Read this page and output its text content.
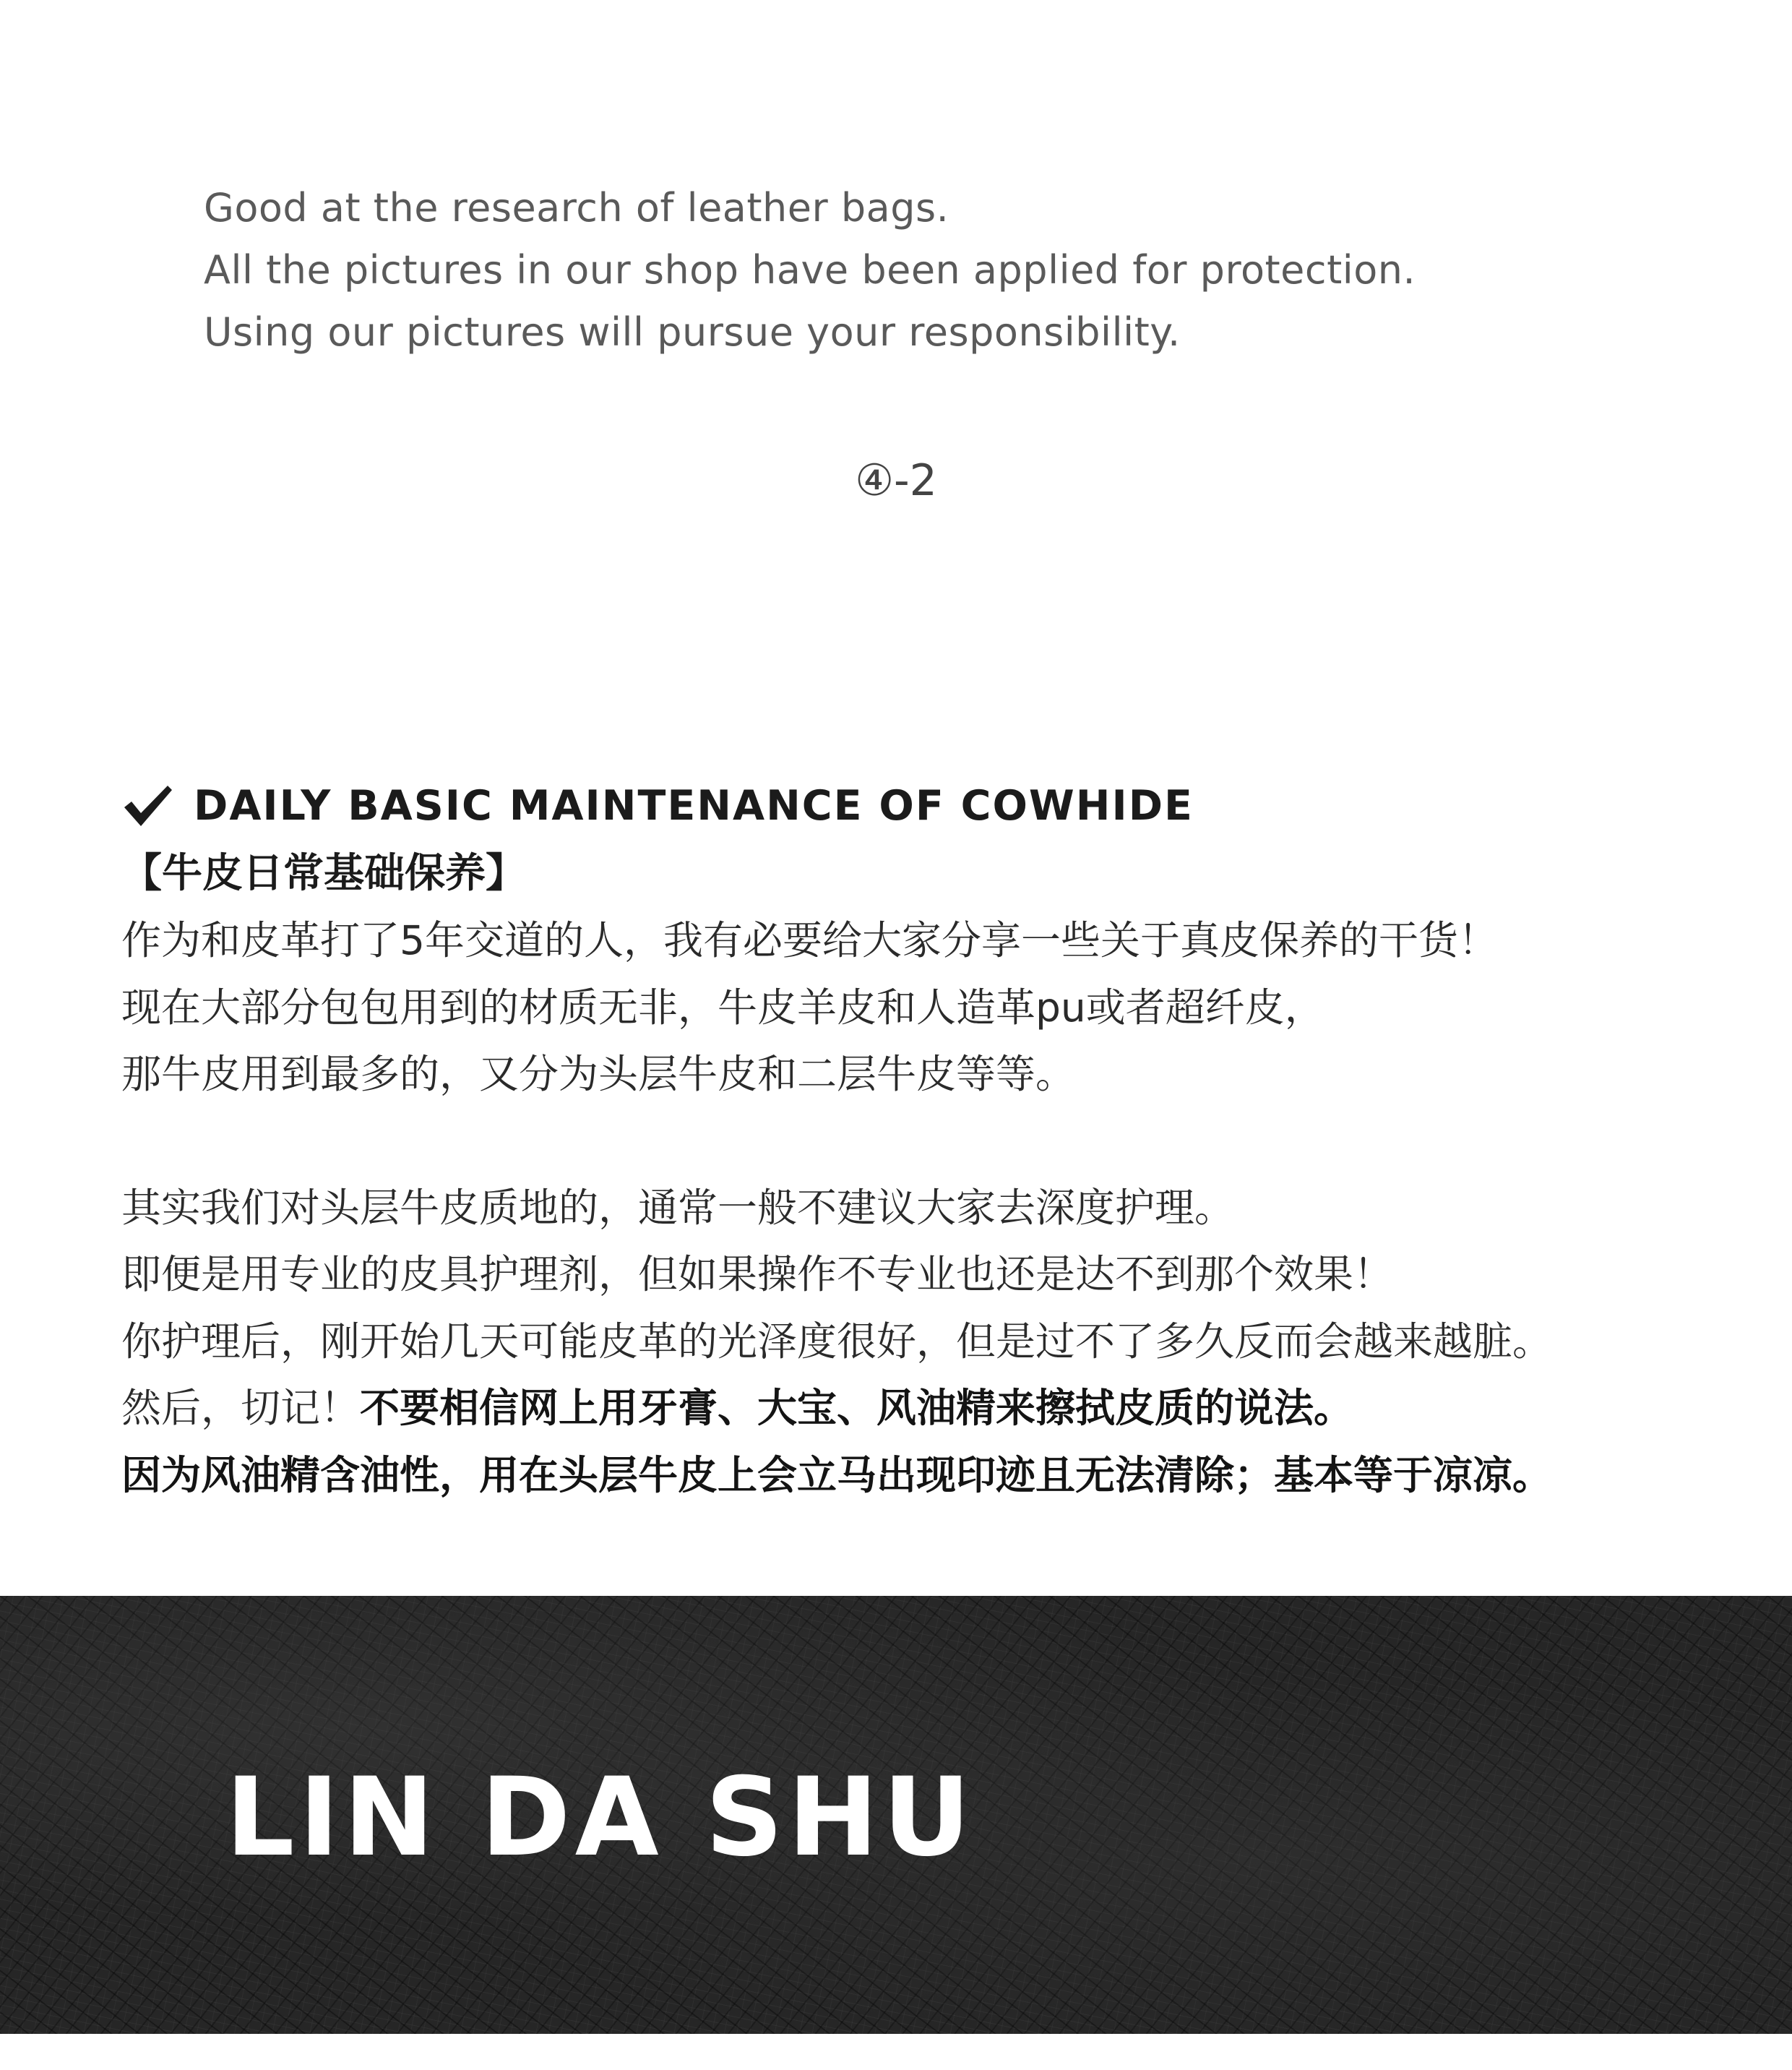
Good at the research of leather bags.
All the pictures in our shop have been applied for protection.
Using our pictures will pursue your responsibility.
④-2
DAILY BASIC MAINTENANCE OF COWHIDE
【牛皮日常基础保养】
作为和皮革打了5年交道的人，我有必要给大家分享一些关于真皮保养的干货！
现在大部分包包用到的材质无非，牛皮羊皮和人造革pu或者超纤皮，
那牛皮用到最多的，又分为头层牛皮和二层牛皮等等。
其实我们对头层牛皮质地的，通常一般不建议大家去深度护理。
即便是用专业的皮具护理剂，但如果操作不专业也还是达不到那个效果！
你护理后，刚开始几天可能皮革的光泽度很好，但是过不了多久反而会越来越脏。
然后，切记！不要相信网上用牙膏、大宝、风油精来擦拭皮质的说法。
因为风油精含油性，用在头层牛皮上会立马出现印迹且无法清除；基本等于凉凉。
LIN DA SHU
